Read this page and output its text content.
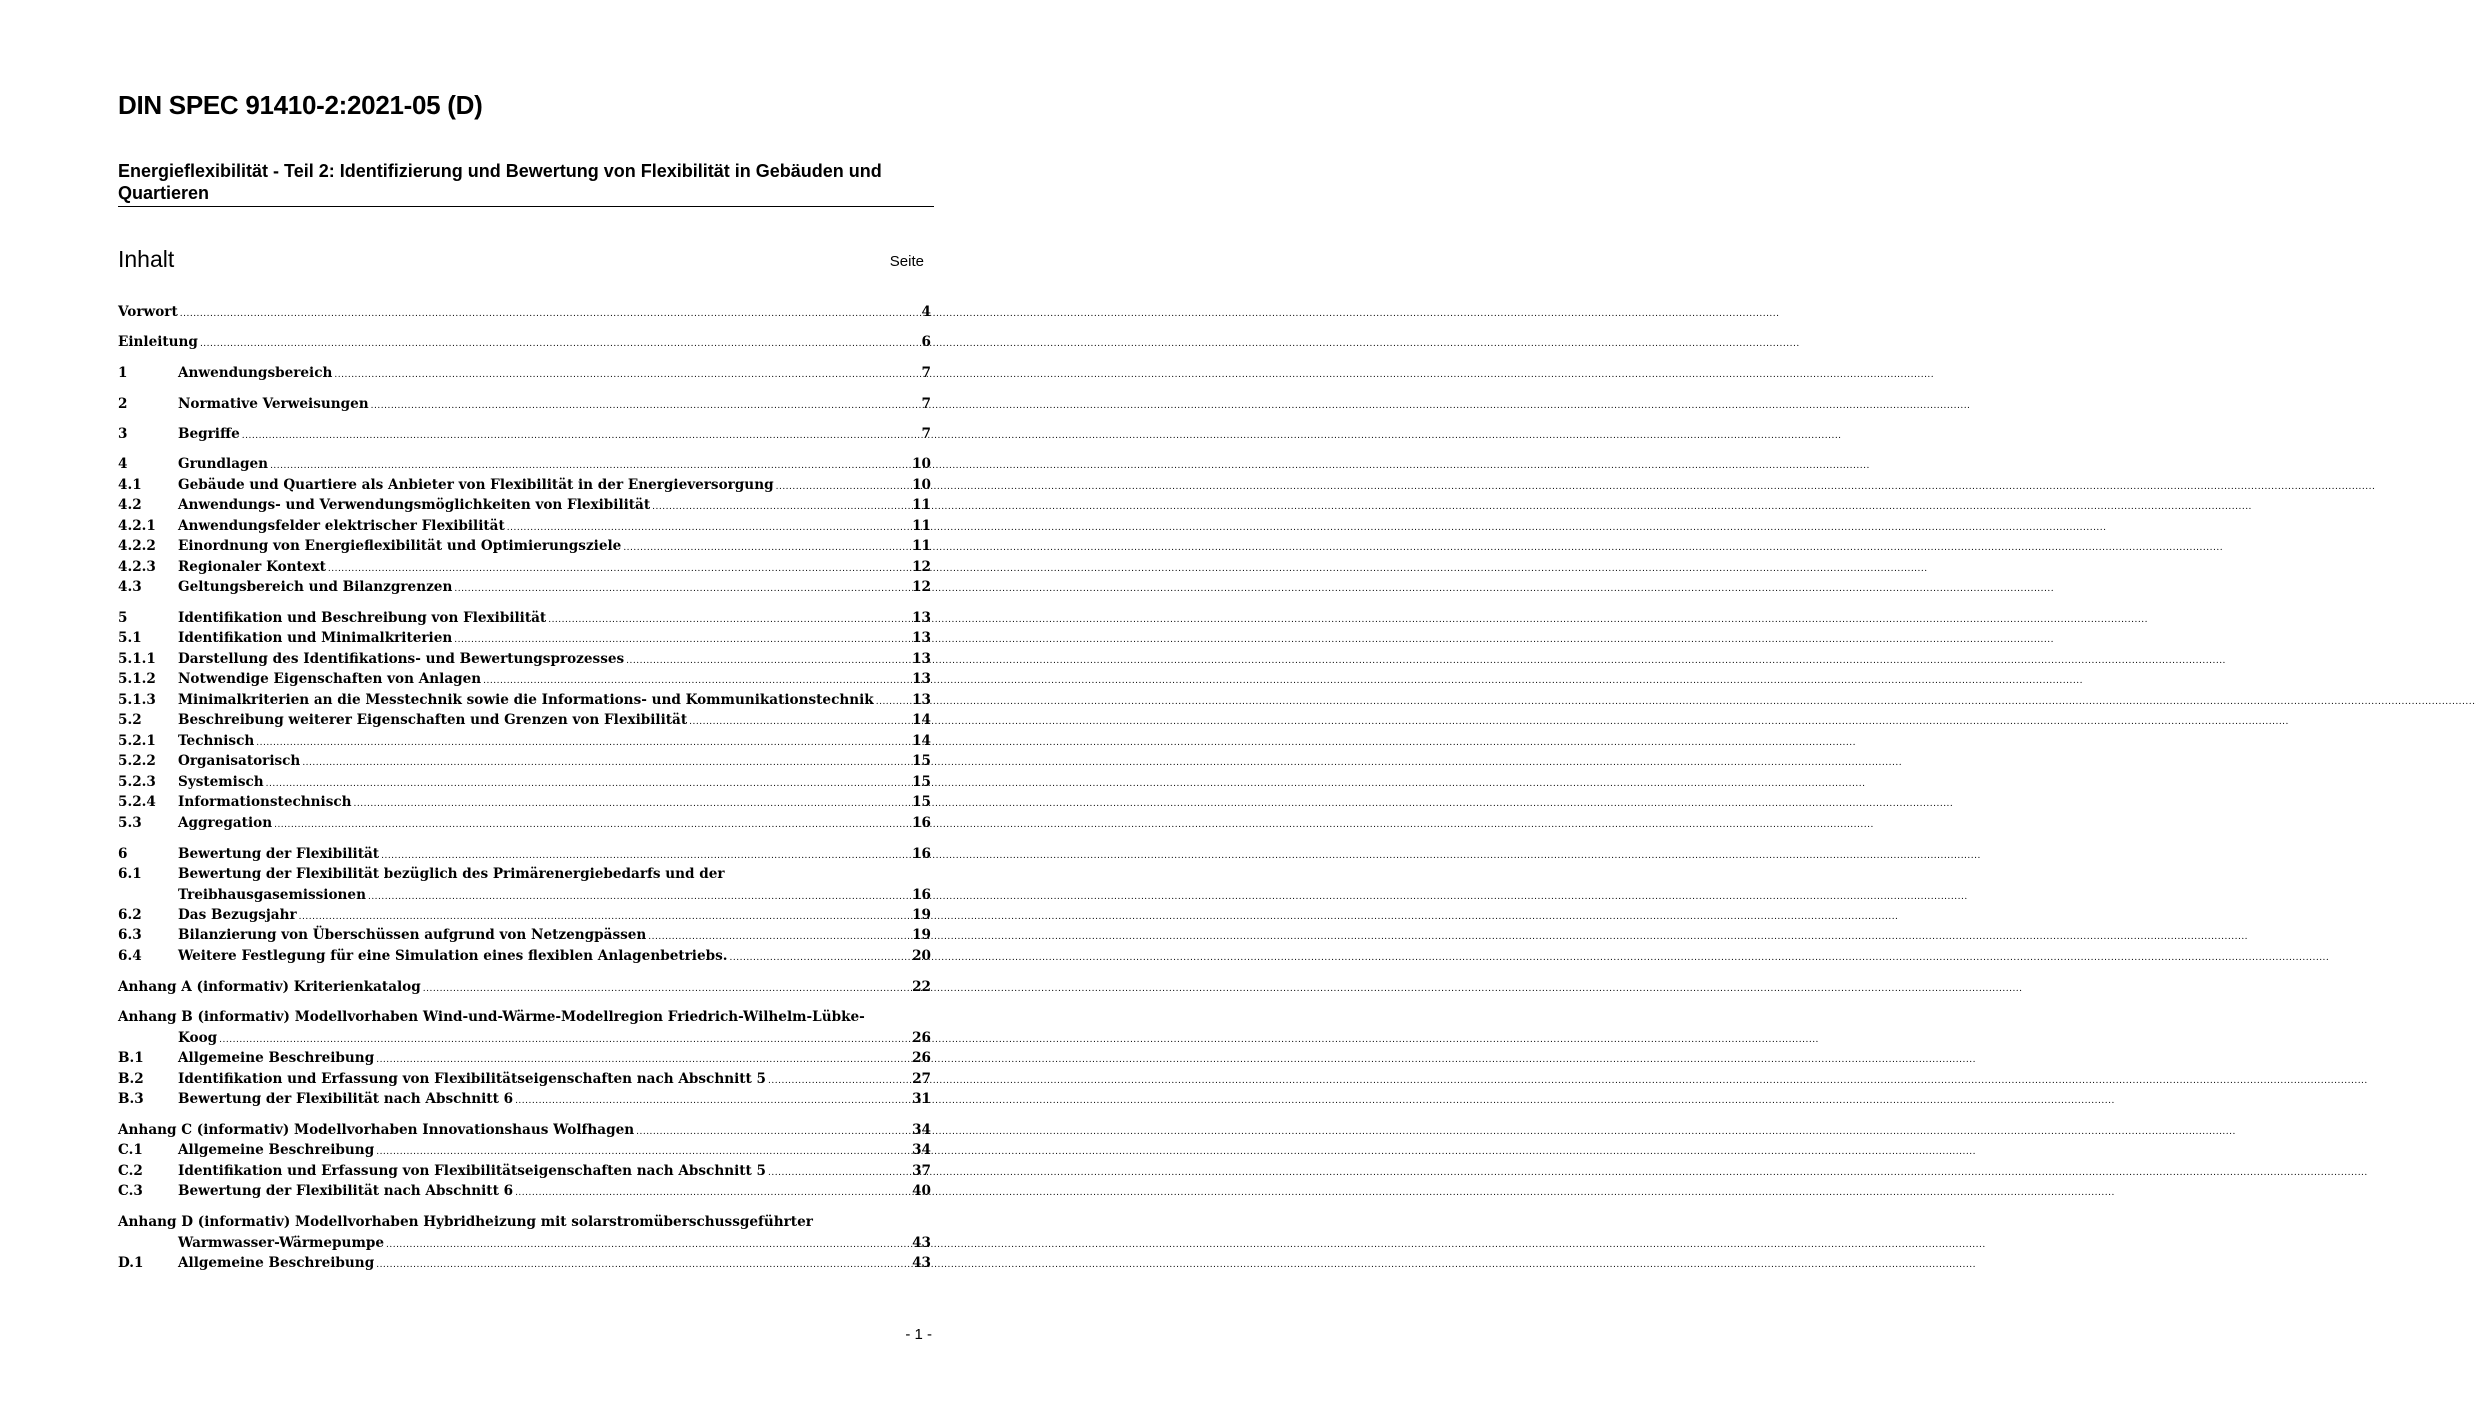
DIN SPEC 91410-2:2021-05 (D)
Energieflexibilität - Teil 2: Identifizierung und Bewertung von Flexibilität in Gebäuden und Quartieren
Inhalt	Seite
Vorwort .....	4
Einleitung .....	6
1	Anwendungsbereich .....	7
2	Normative Verweisungen .....	7
3	Begriffe .....	7
4	Grundlagen .....	10
4.1	Gebäude und Quartiere als Anbieter von Flexibilität in der Energieversorgung .....	10
4.2	Anwendungs- und Verwendungsmöglichkeiten von Flexibilität .....	11
4.2.1	Anwendungsfelder elektrischer Flexibilität .....	11
4.2.2	Einordnung von Energieflexibilität und Optimierungsziele .....	11
4.2.3	Regionaler Kontext .....	12
4.3	Geltungsbereich und Bilanzgrenzen .....	12
5	Identifikation und Beschreibung von Flexibilität .....	13
5.1	Identifikation und Minimalkriterien .....	13
5.1.1	Darstellung des Identifikations- und Bewertungsprozesses .....	13
5.1.2	Notwendige Eigenschaften von Anlagen .....	13
5.1.3	Minimalkriterien an die Messtechnik sowie die Informations- und Kommunikationstechnik .....	13
5.2	Beschreibung weiterer Eigenschaften und Grenzen von Flexibilität .....	14
5.2.1	Technisch .....	14
5.2.2	Organisatorisch .....	15
5.2.3	Systemisch .....	15
5.2.4	Informationstechnisch .....	15
5.3	Aggregation .....	16
6	Bewertung der Flexibilität .....	16
6.1	Bewertung der Flexibilität bezüglich des Primärenergiebedarfs und der
Treibhausgasemissionen .....	16
6.2	Das Bezugsjahr .....	19
6.3	Bilanzierung von Überschüssen aufgrund von Netzengpässen .....	19
6.4	Weitere Festlegung für eine Simulation eines flexiblen Anlagenbetriebs. .....	20
Anhang A (informativ) Kriterienkatalog .....	22
Anhang B (informativ) Modellvorhaben Wind-und-Wärme-Modellregion Friedrich-Wilhelm-Lübke-
Koog .....	26
B.1	Allgemeine Beschreibung .....	26
B.2	Identifikation und Erfassung von Flexibilitätseigenschaften nach Abschnitt 5 .....	27
B.3	Bewertung der Flexibilität nach Abschnitt 6 .....	31
Anhang C (informativ) Modellvorhaben Innovationshaus Wolfhagen .....	34
C.1	Allgemeine Beschreibung .....	34
C.2	Identifikation und Erfassung von Flexibilitätseigenschaften nach Abschnitt 5 .....	37
C.3	Bewertung der Flexibilität nach Abschnitt 6 .....	40
Anhang D (informativ) Modellvorhaben Hybridheizung mit solarstromüberschussgeführter
Warmwasser-Wärmepumpe .....	43
D.1	Allgemeine Beschreibung .....	43
- 1 -
